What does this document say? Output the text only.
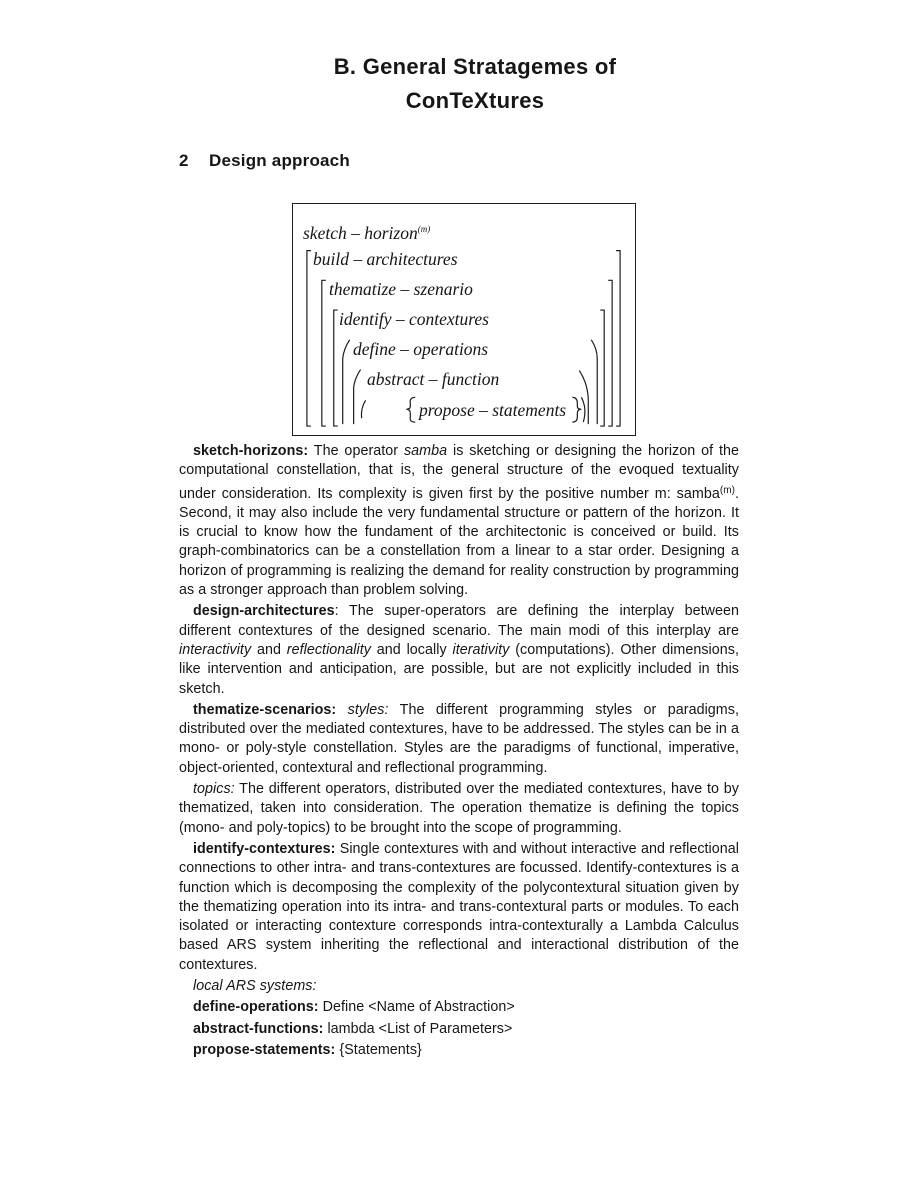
B. General Stratagemes of
ConTeXtures
2 Design approach
sketch – horizon$^{(m)}$
build – architectures
thematize – szenario
identify – contextures
define – operations
abstract – function
propose – statements

sketch-horizons: The operator samba is sketching or designing the horizon of the computational constellation, that is, the general structure of the evoqued textuality under consideration. Its complexity is given first by the positive number m: samba$^{(m)}$. Second, it may also include the very fundamental structure or pattern of the horizon. It is crucial to know how the fundament of the architectonic is conceived or build. Its graph-combinatorics can be a constellation from a linear to a star order. Designing a horizon of programming is realizing the demand for reality construction by programming as a stronger approach than problem solving.

design-architectures: The super-operators are defining the interplay between different contextures of the designed scenario. The main modi of this interplay are interactivity and reflectionality and locally iterativity (computations). Other dimensions, like intervention and anticipation, are possible, but are not explicitly included in this sketch.

thematize-scenarios: styles: The different programming styles or paradigms, distributed over the mediated contextures, have to be addressed. The styles can be in a mono- or poly-style constellation. Styles are the paradigms of functional, imperative, object-oriented, contextural and reflectional programming.

topics: The different operators, distributed over the mediated contextures, have to by thematized, taken into consideration. The operation thematize is defining the topics (mono- and poly-topics) to be brought into the scope of programming.

identify-contextures: Single contextures with and without interactive and reflectional connections to other intra- and trans-contextures are focussed. Identify-contextures is a function which is decomposing the complexity of the polycontextural situation given by the thematizing operation into its intra- and trans-contextural parts or modules. To each isolated or interacting contexture corresponds intra-contexturally a Lambda Calculus based ARS system inheriting the reflectional and interactional distribution of the contextures.

local ARS systems:

define-operations: Define <Name of Abstraction>

abstract-functions: lambda <List of Parameters>

propose-statements: {Statements}
